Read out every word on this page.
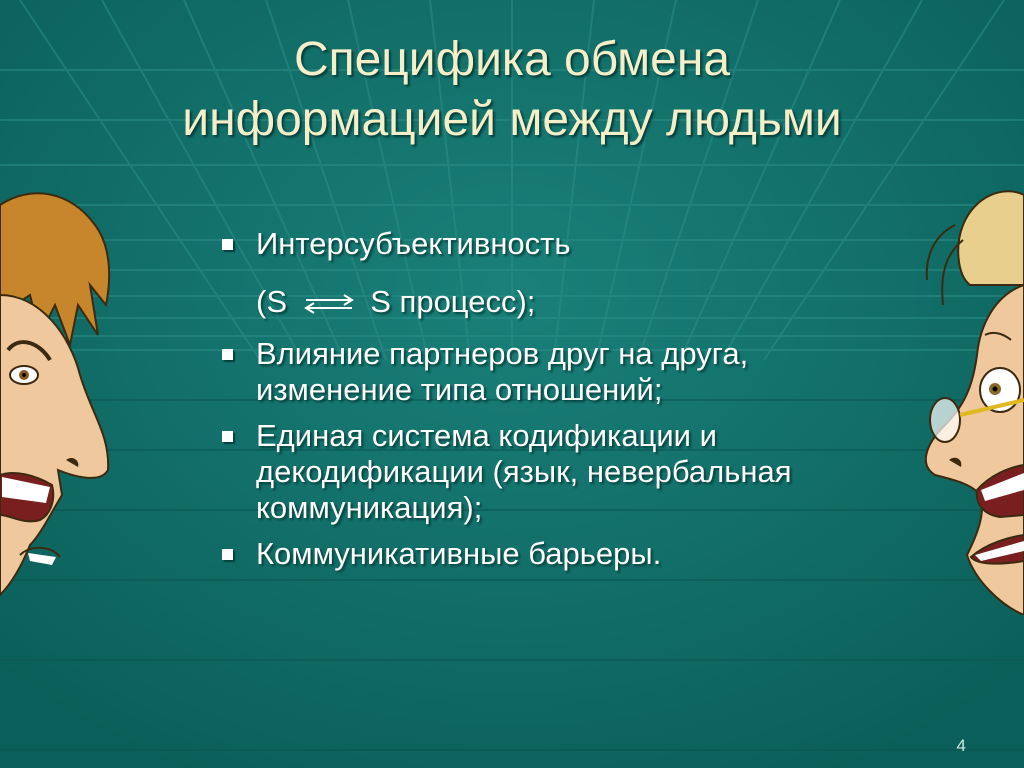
Специфика обмена
информацией между людьми
Интерсубъективность
(S	S процесс);
Влияние партнеров друг на друга, изменение типа отношений;
Единая система кодификации и декодификации (язык, невербальная коммуникация);
Коммуникативные барьеры.
4
